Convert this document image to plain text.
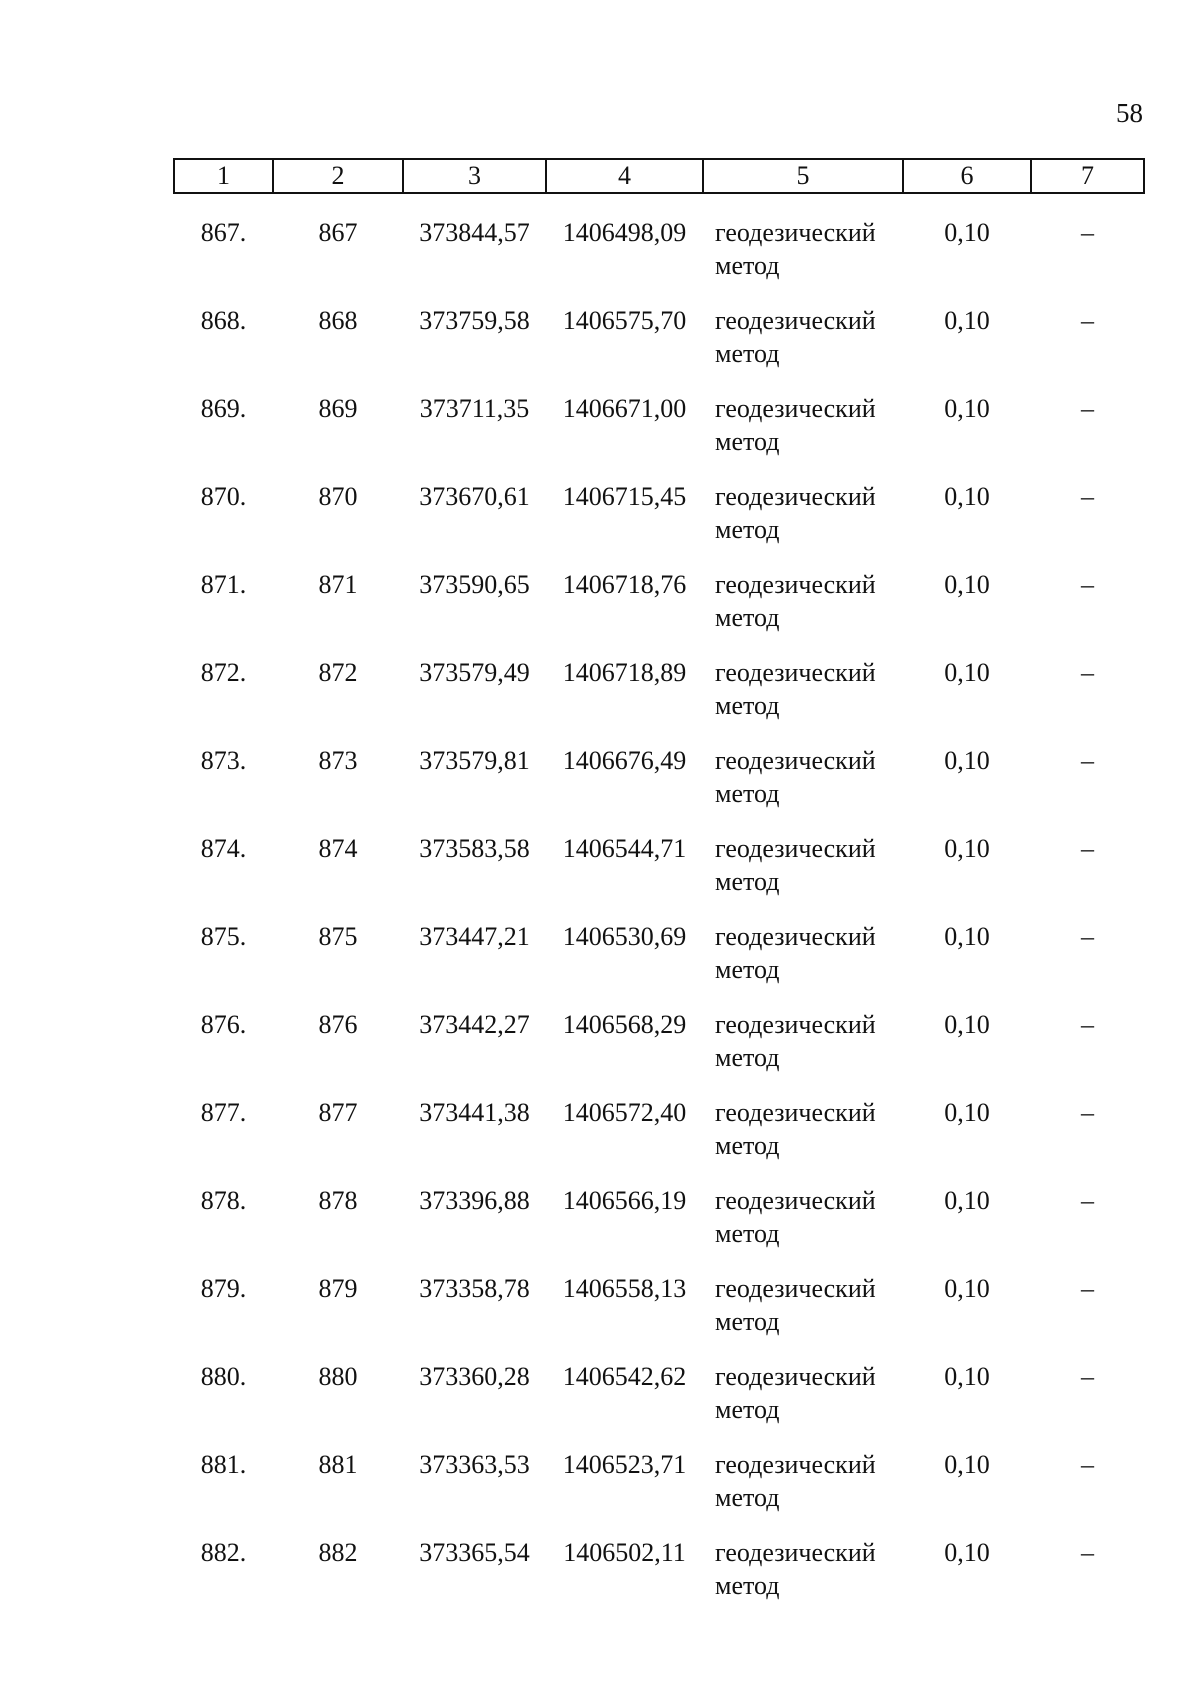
58
1	2	3	4	5	6	7
867.	867	373844,57	1406498,09	геодезический метод	0,10	–
868.	868	373759,58	1406575,70	геодезический метод	0,10	–
869.	869	373711,35	1406671,00	геодезический метод	0,10	–
870.	870	373670,61	1406715,45	геодезический метод	0,10	–
871.	871	373590,65	1406718,76	геодезический метод	0,10	–
872.	872	373579,49	1406718,89	геодезический метод	0,10	–
873.	873	373579,81	1406676,49	геодезический метод	0,10	–
874.	874	373583,58	1406544,71	геодезический метод	0,10	–
875.	875	373447,21	1406530,69	геодезический метод	0,10	–
876.	876	373442,27	1406568,29	геодезический метод	0,10	–
877.	877	373441,38	1406572,40	геодезический метод	0,10	–
878.	878	373396,88	1406566,19	геодезический метод	0,10	–
879.	879	373358,78	1406558,13	геодезический метод	0,10	–
880.	880	373360,28	1406542,62	геодезический метод	0,10	–
881.	881	373363,53	1406523,71	геодезический метод	0,10	–
882.	882	373365,54	1406502,11	геодезический метод	0,10	–
